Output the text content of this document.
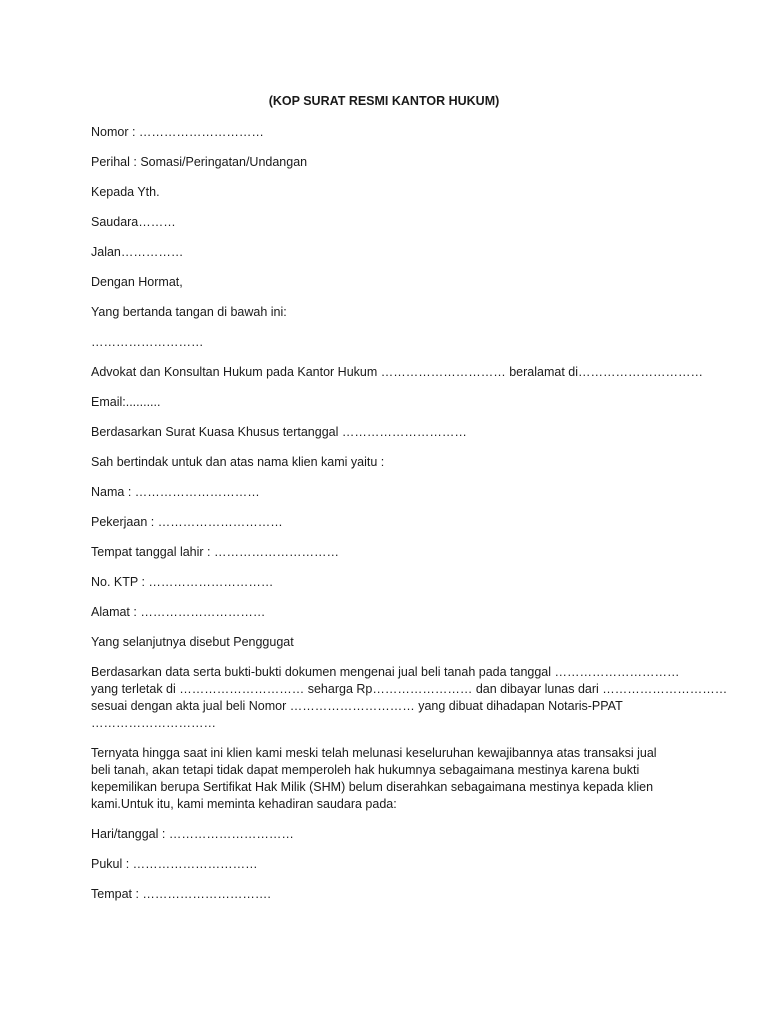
(KOP SURAT RESMI KANTOR HUKUM)
Nomor : …………………………
Perihal : Somasi/Peringatan/Undangan
Kepada Yth.
Saudara………
Jalan……………
Dengan Hormat,
Yang bertanda tangan di bawah ini:
………………………
Advokat dan Konsultan Hukum pada Kantor Hukum ………………………… beralamat di…………………………
Email:..........
Berdasarkan Surat Kuasa Khusus tertanggal …………………………
Sah bertindak untuk dan atas nama klien kami yaitu :
Nama : …………………………
Pekerjaan : …………………………
Tempat tanggal lahir : …………………………
No. KTP : …………………………
Alamat : …………………………
Yang selanjutnya disebut Penggugat
Berdasarkan data serta bukti-bukti dokumen mengenai jual beli tanah pada tanggal …………………………
yang terletak di ………………………… seharga Rp…………………… dan dibayar lunas dari …………………………
sesuai dengan akta jual beli Nomor ………………………… yang dibuat dihadapan Notaris-PPAT
…………………………
Ternyata hingga saat ini klien kami meski telah melunasi keseluruhan kewajibannya atas transaksi jual
beli tanah, akan tetapi tidak dapat memperoleh hak hukumnya sebagaimana mestinya karena bukti
kepemilikan berupa Sertifikat Hak Milik (SHM) belum diserahkan sebagaimana mestinya kepada klien
kami.Untuk itu, kami meminta kehadiran saudara pada:
Hari/tanggal : …………………………
Pukul : …………………………
Tempat : ………………………….
